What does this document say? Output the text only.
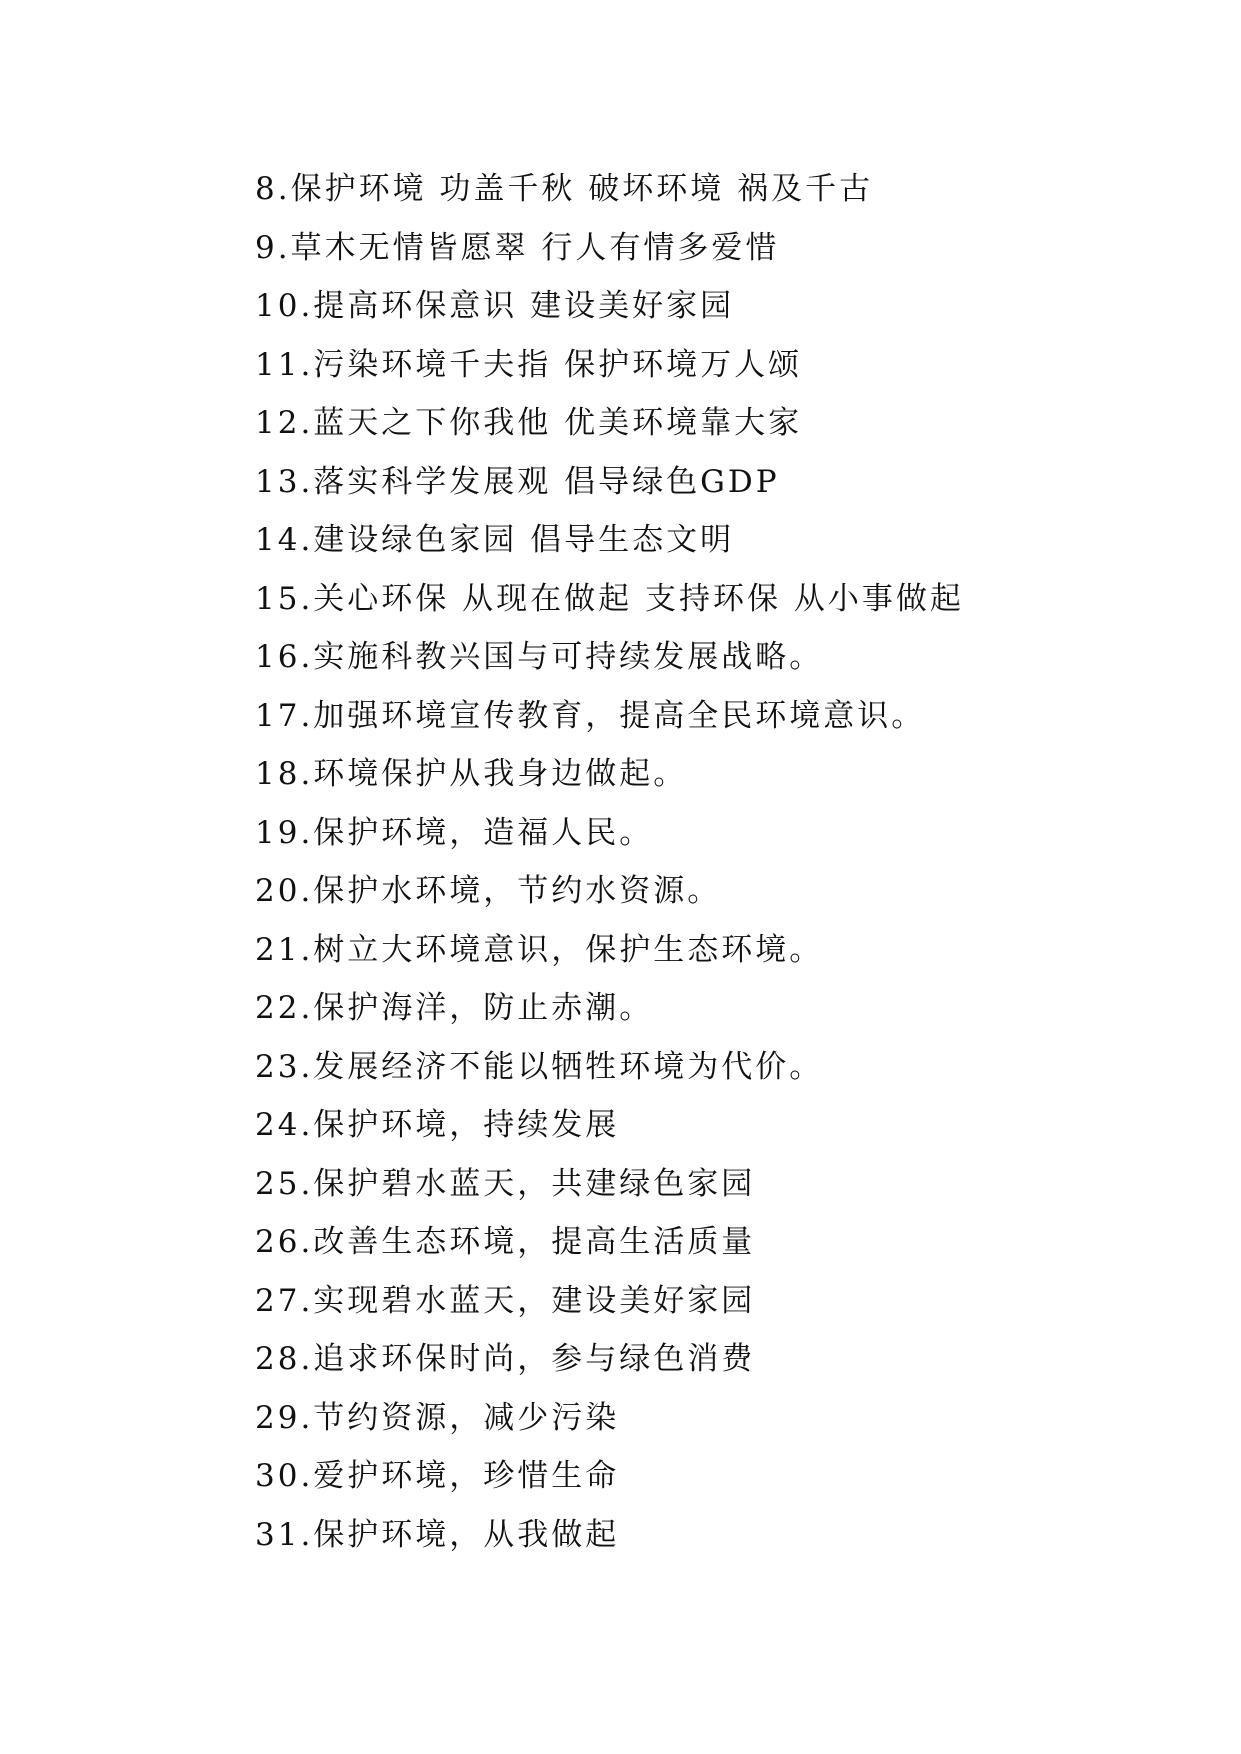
8.保护环境 功盖千秋 破坏环境 祸及千古
9.草木无情皆愿翠 行人有情多爱惜
10.提高环保意识 建设美好家园
11.污染环境千夫指 保护环境万人颂
12.蓝天之下你我他 优美环境靠大家
13.落实科学发展观 倡导绿色GDP
14.建设绿色家园 倡导生态文明
15.关心环保 从现在做起 支持环保 从小事做起
16.实施科教兴国与可持续发展战略。
17.加强环境宣传教育，提高全民环境意识。
18.环境保护从我身边做起。
19.保护环境，造福人民。
20.保护水环境，节约水资源。
21.树立大环境意识，保护生态环境。
22.保护海洋，防止赤潮。
23.发展经济不能以牺牲环境为代价。
24.保护环境，持续发展
25.保护碧水蓝天，共建绿色家园
26.改善生态环境，提高生活质量
27.实现碧水蓝天，建设美好家园
28.追求环保时尚，参与绿色消费
29.节约资源，减少污染
30.爱护环境，珍惜生命
31.保护环境，从我做起
